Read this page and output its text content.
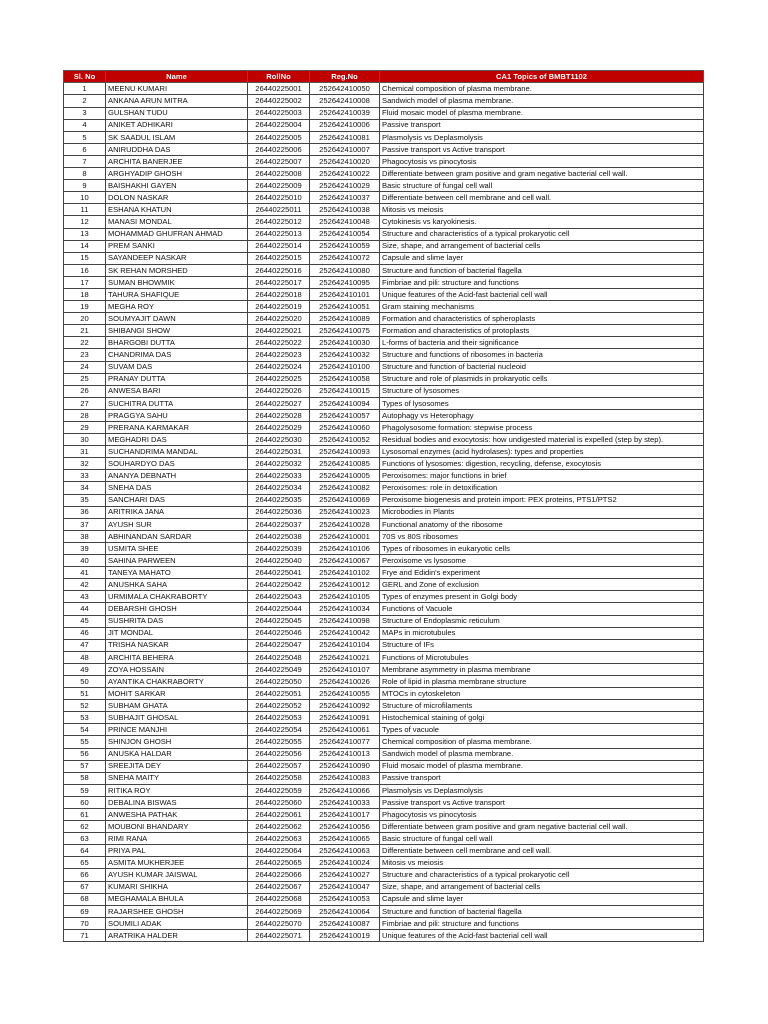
Sl. No	Name	RollNo	Reg.No	CA1 Topics of BMBT1102
1	MEENU KUMARI	26440225001	252642410050	Chemical composition of plasma membrane.
2	ANKANA ARUN MITRA	26440225002	252642410008	Sandwich model of plasma membrane.
3	GULSHAN TUDU	26440225003	252642410039	Fluid mosaic model of plasma membrane.
4	ANIKET ADHIKARI	26440225004	252642410006	Passive transport
5	SK SAADUL ISLAM	26440225005	252642410081	Plasmolysis vs Deplasmolysis
6	ANIRUDDHA DAS	26440225006	252642410007	Passive transport vs Active transport
7	ARCHITA BANERJEE	26440225007	252642410020	Phagocytosis vs pinocytosis
8	ARGHYADIP GHOSH	26440225008	252642410022	Differentiate between gram positive and gram negative bacterial cell wall.
9	BAISHAKHI GAYEN	26440225009	252642410029	Basic structure of fungal cell wall
10	DOLON NASKAR	26440225010	252642410037	Differentiate between cell membrane and cell wall.
11	ESHANA KHATUN	26440225011	252642410038	Mitosis vs meiosis
12	MANASI MONDAL	26440225012	252642410048	Cytokinesis vs karyokinesis.
13	MOHAMMAD GHUFRAN AHMAD	26440225013	252642410054	Structure and characteristics of a typical prokaryotic cell
14	PREM SANKI	26440225014	252642410059	Size, shape, and arrangement of bacterial cells
15	SAYANDEEP NASKAR	26440225015	252642410072	Capsule and slime layer
16	SK REHAN MORSHED	26440225016	252642410080	Structure and function of bacterial flagella
17	SUMAN BHOWMIK	26440225017	252642410095	Fimbriae and pili: structure and functions
18	TAHURA SHAFIQUE	26440225018	252642410101	Unique features of the Acid-fast bacterial cell wall
19	MEGHA ROY	26440225019	252642410051	Gram staining mechanisms
20	SOUMYAJIT DAWN	26440225020	252642410089	Formation and characteristics of spheroplasts
21	SHIBANGI SHOW	26440225021	252642410075	Formation and characteristics of protoplasts
22	BHARGOBI DUTTA	26440225022	252642410030	L-forms of bacteria and their significance
23	CHANDRIMA DAS	26440225023	252642410032	Structure and functions of ribosomes in bacteria
24	SUVAM DAS	26440225024	252642410100	Structure and function of bacterial nucleoid
25	PRANAY DUTTA	26440225025	252642410058	Structure and role of plasmids in prokaryotic cells
26	ANWESA BARI	26440225026	252642410015	Structure of lysosomes
27	SUCHITRA DUTTA	26440225027	252642410094	Types of lysosomes
28	PRAGGYA SAHU	26440225028	252642410057	Autophagy vs Heterophagy
29	PRERANA KARMAKAR	26440225029	252642410060	Phagolysosome formation: stepwise process
30	MEGHADRI DAS	26440225030	252642410052	Residual bodies and exocytosis: how undigested material is expelled (step by step).
31	SUCHANDRIMA MANDAL	26440225031	252642410093	Lysosomal enzymes (acid hydrolases): types and properties
32	SOUHARDYO DAS	26440225032	252642410085	Functions of lysosomes: digestion, recycling, defense, exocytosis
33	ANANYA DEBNATH	26440225033	252642410005	Peroxisomes: major functions in brief
34	SNEHA DAS	26440225034	252642410082	Peroxisomes: role in detoxification
35	SANCHARI DAS	26440225035	252642410069	Peroxisome biogenesis and protein import: PEX proteins, PTS1/PTS2
36	ARITRIKA JANA	26440225036	252642410023	Microbodies in Plants
37	AYUSH SUR	26440225037	252642410028	Functional anatomy of the ribosome
38	ABHINANDAN SARDAR	26440225038	252642410001	70S vs 80S ribosomes
39	USMITA SHEE	26440225039	252642410106	Types of ribosomes in eukaryotic cells
40	SAHINA PARWEEN	26440225040	252642410067	Peroxisome vs lysosome
41	TANEYA MAHATO	26440225041	252642410102	Frye and Edidin's experiment
42	ANUSHKA SAHA	26440225042	252642410012	GERL and Zone of exclusion
43	URMIMALA CHAKRABORTY	26440225043	252642410105	Types of enzymes present in Golgi body
44	DEBARSHI GHOSH	26440225044	252642410034	Functions of Vacuole
45	SUSHRITA DAS	26440225045	252642410098	Structure of Endoplasmic reticulum
46	JIT MONDAL	26440225046	252642410042	MAPs in microtubules
47	TRISHA NASKAR	26440225047	252642410104	Structure of IFs
48	ARCHITA BEHERA	26440225048	252642410021	Functions of Microtubules
49	ZOYA HOSSAIN	26440225049	252642410107	Membrane asymmetry in plasma membrane
50	AYANTIKA CHAKRABORTY	26440225050	252642410026	Role of lipid in plasma membrane structure
51	MOHIT SARKAR	26440225051	252642410055	MTOCs in cytoskeleton
52	SUBHAM GHATA	26440225052	252642410092	Structure of microfilaments
53	SUBHAJIT GHOSAL	26440225053	252642410091	Histochemical staining of golgi
54	PRINCE MANJHI	26440225054	252642410061	Types of vacuole
55	SHINJON GHOSH	26440225055	252642410077	Chemical composition of plasma membrane.
56	ANUSKA HALDAR	26440225056	252642410013	Sandwich model of plasma membrane.
57	SREEJITA DEY	26440225057	252642410090	Fluid mosaic model of plasma membrane.
58	SNEHA MAITY	26440225058	252642410083	Passive transport
59	RITIKA ROY	26440225059	252642410066	Plasmolysis vs Deplasmolysis
60	DEBALINA BISWAS	26440225060	252642410033	Passive transport vs Active transport
61	ANWESHA PATHAK	26440225061	252642410017	Phagocytosis vs pinocytosis
62	MOUBONI BHANDARY	26440225062	252642410056	Differentiate between gram positive and gram negative bacterial cell wall.
63	RIMI RANA	26440225063	252642410065	Basic structure of fungal cell wall
64	PRIYA PAL	26440225064	252642410063	Differentiate between cell membrane and cell wall.
65	ASMITA MUKHERJEE	26440225065	252642410024	Mitosis vs meiosis
66	AYUSH KUMAR JAISWAL	26440225066	252642410027	Structure and characteristics of a typical prokaryotic cell
67	KUMARI SHIKHA	26440225067	252642410047	Size, shape, and arrangement of bacterial cells
68	MEGHAMALA BHULA	26440225068	252642410053	Capsule and slime layer
69	RAJARSHEE GHOSH	26440225069	252642410064	Structure and function of bacterial flagella
70	SOUMILI ADAK	26440225070	252642410087	Fimbriae and pili: structure and functions
71	ARATRIKA HALDER	26440225071	252642410019	Unique features of the Acid-fast bacterial cell wall
